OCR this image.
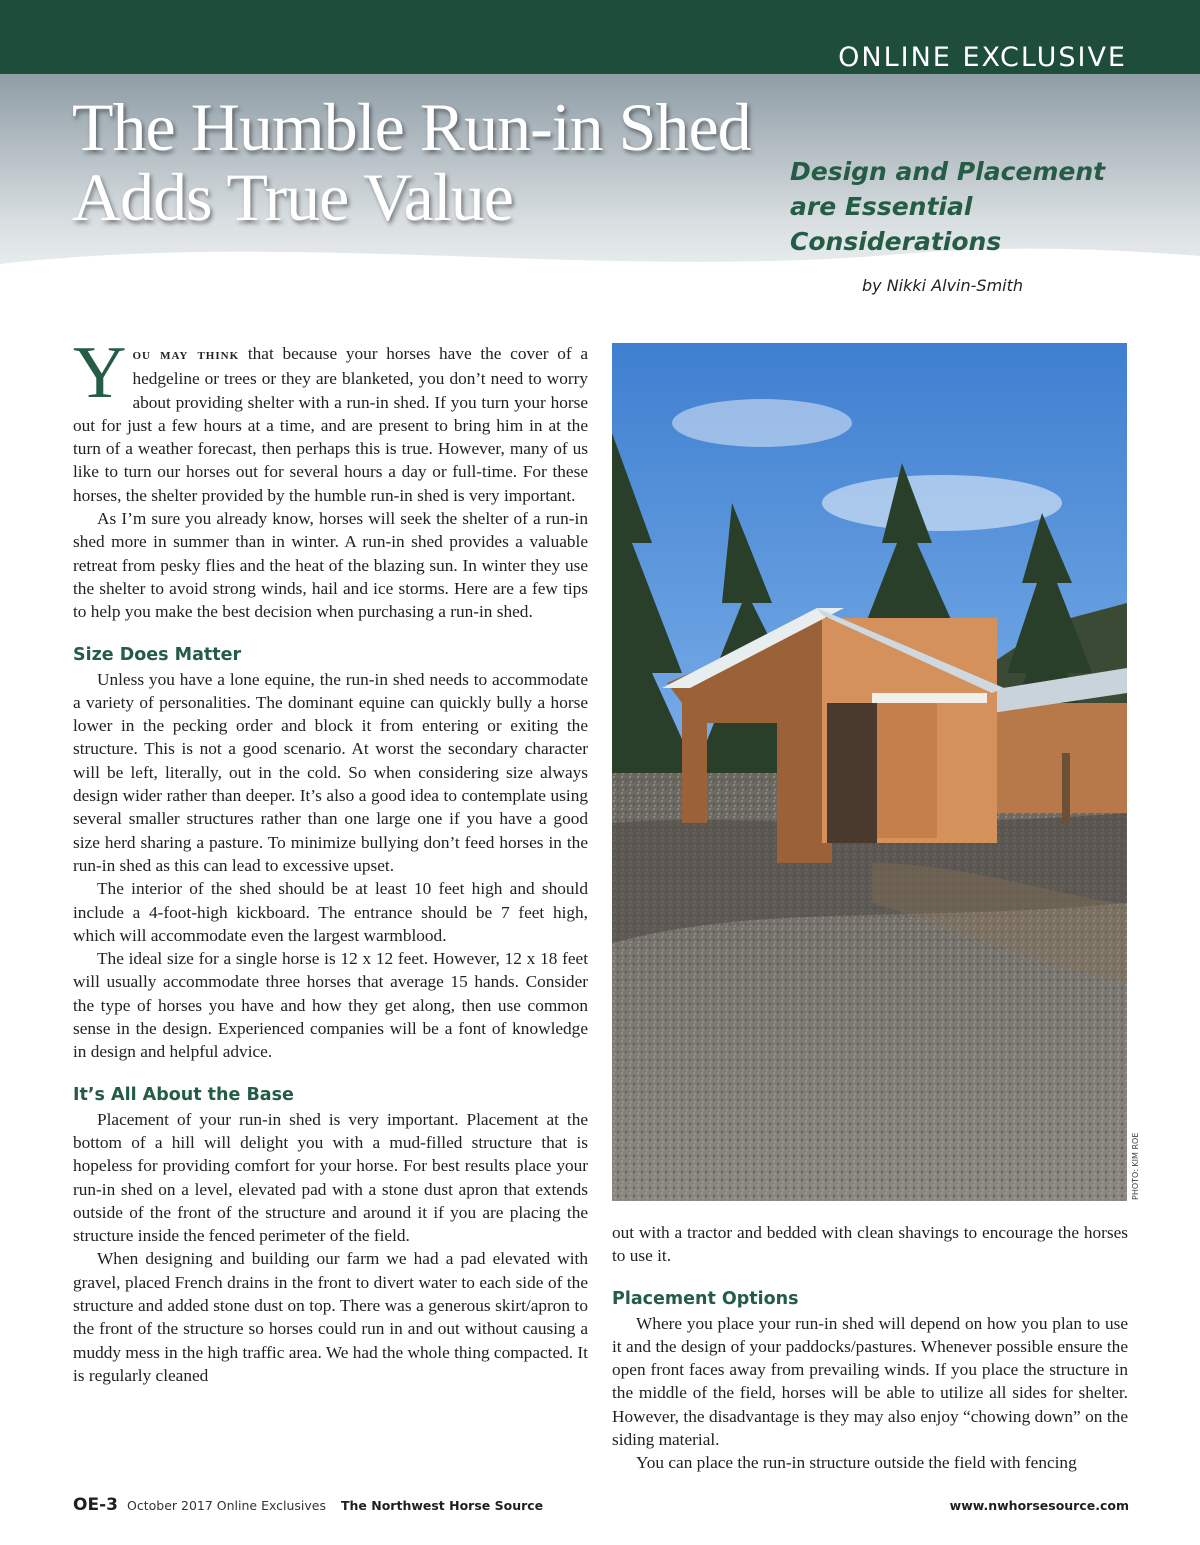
ONLINE EXCLUSIVE

The Humble Run-in Shed
Adds True Value	Design and Placement are Essential Considerations

by Nikki Alvin-Smith

You may think that because your horses have the cover of a hedgeline or trees or they are blanketed, you don’t need to worry about providing shelter with a run-in shed. If you turn your horse out for just a few hours at a time, and are present to bring him in at the turn of a weather forecast, then perhaps this is true. However, many of us like to turn our horses out for several hours a day or full-time. For these horses, the shelter provided by the humble run-in shed is very important.

As I’m sure you already know, horses will seek the shelter of a run-in shed more in summer than in winter. A run-in shed provides a valuable retreat from pesky flies and the heat of the blazing sun. In winter they use the shelter to avoid strong winds, hail and ice storms. Here are a few tips to help you make the best decision when purchasing a run-in shed.

Size Does Matter

Unless you have a lone equine, the run-in shed needs to accommodate a variety of personalities. The dominant equine can quickly bully a horse lower in the pecking order and block it from entering or exiting the structure. This is not a good scenario. At worst the secondary character will be left, literally, out in the cold. So when considering size always design wider rather than deeper. It’s also a good idea to contemplate using several smaller structures rather than one large one if you have a good size herd sharing a pasture. To minimize bullying don’t feed horses in the run-in shed as this can lead to excessive upset.

The interior of the shed should be at least 10 feet high and should include a 4-foot-high kickboard. The entrance should be 7 feet high, which will accommodate even the largest warmblood.

The ideal size for a single horse is 12 x 12 feet. However, 12 x 18 feet will usually accommodate three horses that average 15 hands. Consider the type of horses you have and how they get along, then use common sense in the design. Experienced companies will be a font of knowledge in design and helpful advice.

It’s All About the Base

Placement of your run-in shed is very important. Placement at the bottom of a hill will delight you with a mud-filled structure that is hopeless for providing comfort for your horse. For best results place your run-in shed on a level, elevated pad with a stone dust apron that extends outside of the front of the structure and around it if you are placing the structure inside the fenced perimeter of the field.

When designing and building our farm we had a pad elevated with gravel, placed French drains in the front to divert water to each side of the structure and added stone dust on top. There was a generous skirt/apron to the front of the structure so horses could run in and out without causing a muddy mess in the high traffic area. We had the whole thing compacted. It is regularly cleaned

PHOTO: KIM ROE

out with a tractor and bedded with clean shavings to encourage the horses to use it.

Placement Options

Where you place your run-in shed will depend on how you plan to use it and the design of your paddocks/pastures. Whenever possible ensure the open front faces away from prevailing winds. If you place the structure in the middle of the field, horses will be able to utilize all sides for shelter. However, the disadvantage is they may also enjoy “chowing down” on the siding material.

You can place the run-in structure outside the field with fencing

OE-3 October 2017 Online Exclusives The Northwest Horse Source	www.nwhorsesource.com
